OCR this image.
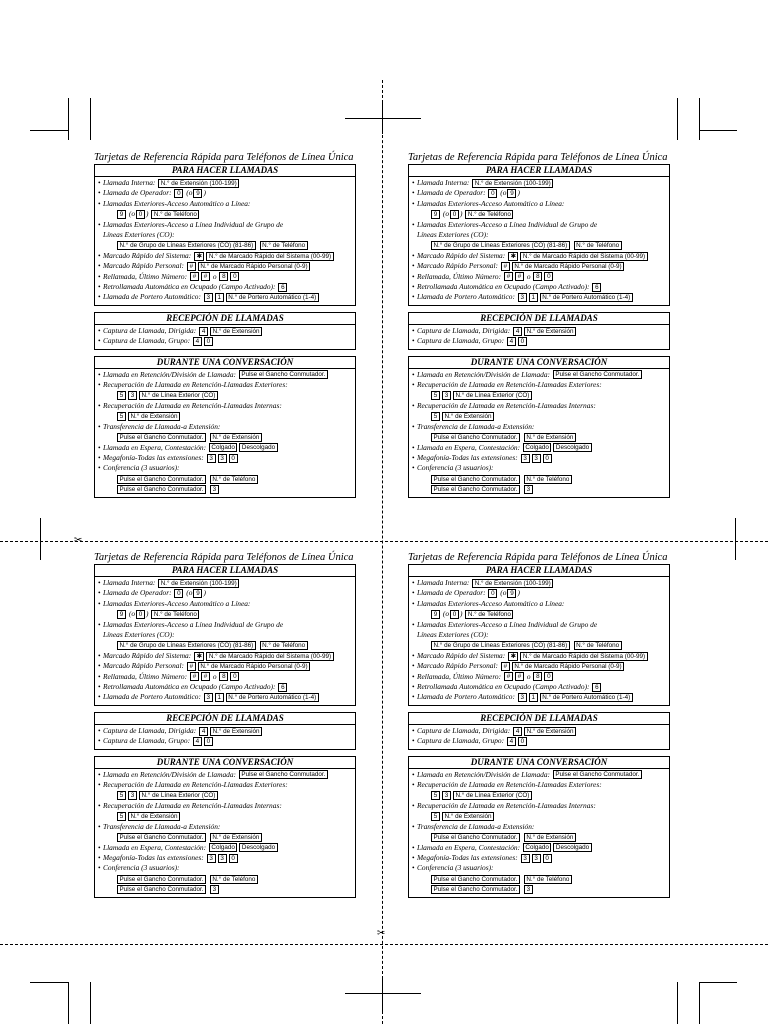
✂
✂
Tarjetas de Referencia Rápida para Teléfonos de Línea Única
PARA HACER LLAMADAS
• Llamada Interna: N.° de Extensión (100-199)
• Llamada de Operador: 0 (o 9 )
• Llamadas Exteriores-Acceso Automático a Línea:
9 (o 0 ) N.° de Teléfono
• Llamadas Exteriores-Acceso a Línea Individual de Grupo de
Líneas Exteriores (CO):
N.° de Grupo de Líneas Exteriores (CO) (81-86) N.° de Teléfono
• Marcado Rápido del Sistema: ✱ N.° de Marcado Rápido del Sistema (00-99)
• Marcado Rápido Personal: # N.° de Marcado Rápido Personal (0-9)
• Rellamada, Último Número: # # o 8 0
• Retrollamada Automática en Ocupado (Campo Activado): 6
• Llamada de Portero Automático: 3 1 N.° de Portero Automático (1-4)
RECEPCIÓN DE LLAMADAS
• Captura de Llamada, Dirigida: 4 N.° de Extensión
• Captura de Llamada, Grupo: 4 0
DURANTE UNA CONVERSACIÓN
• Llamada en Retención/División de Llamada: Pulse el Gancho Conmutador.
• Recuperación de Llamada en Retención-Llamadas Exteriores:
5 3 N.° de Línea Exterior (CO)
• Recuperación de Llamada en Retención-Llamadas Internas:
5 N.° de Extensión
• Transferencia de Llamada-a Extensión:
Pulse el Gancho Conmutador. N.° de Extensión
• Llamada en Espera, Contestación: Colgado Descolgado
• Megafonía-Todas las extensiones: 3 3 0
• Conferencia (3 usuarios):
Pulse el Gancho Conmutador. N.° de Teléfono
Pulse el Gancho Conmutador. 3
Tarjetas de Referencia Rápida para Teléfonos de Línea Única
PARA HACER LLAMADAS
• Llamada Interna: N.° de Extensión (100-199)
• Llamada de Operador: 0 (o 9 )
• Llamadas Exteriores-Acceso Automático a Línea:
9 (o 0 ) N.° de Teléfono
• Llamadas Exteriores-Acceso a Línea Individual de Grupo de
Líneas Exteriores (CO):
N.° de Grupo de Líneas Exteriores (CO) (81-86) N.° de Teléfono
• Marcado Rápido del Sistema: ✱ N.° de Marcado Rápido del Sistema (00-99)
• Marcado Rápido Personal: # N.° de Marcado Rápido Personal (0-9)
• Rellamada, Último Número: # # o 8 0
• Retrollamada Automática en Ocupado (Campo Activado): 6
• Llamada de Portero Automático: 3 1 N.° de Portero Automático (1-4)
RECEPCIÓN DE LLAMADAS
• Captura de Llamada, Dirigida: 4 N.° de Extensión
• Captura de Llamada, Grupo: 4 0
DURANTE UNA CONVERSACIÓN
• Llamada en Retención/División de Llamada: Pulse el Gancho Conmutador.
• Recuperación de Llamada en Retención-Llamadas Exteriores:
5 3 N.° de Línea Exterior (CO)
• Recuperación de Llamada en Retención-Llamadas Internas:
5 N.° de Extensión
• Transferencia de Llamada-a Extensión:
Pulse el Gancho Conmutador. N.° de Extensión
• Llamada en Espera, Contestación: Colgado Descolgado
• Megafonía-Todas las extensiones: 3 3 0
• Conferencia (3 usuarios):
Pulse el Gancho Conmutador. N.° de Teléfono
Pulse el Gancho Conmutador. 3
Tarjetas de Referencia Rápida para Teléfonos de Línea Única
PARA HACER LLAMADAS
• Llamada Interna: N.° de Extensión (100-199)
• Llamada de Operador: 0 (o 9 )
• Llamadas Exteriores-Acceso Automático a Línea:
9 (o 0 ) N.° de Teléfono
• Llamadas Exteriores-Acceso a Línea Individual de Grupo de
Líneas Exteriores (CO):
N.° de Grupo de Líneas Exteriores (CO) (81-86) N.° de Teléfono
• Marcado Rápido del Sistema: ✱ N.° de Marcado Rápido del Sistema (00-99)
• Marcado Rápido Personal: # N.° de Marcado Rápido Personal (0-9)
• Rellamada, Último Número: # # o 8 0
• Retrollamada Automática en Ocupado (Campo Activado): 6
• Llamada de Portero Automático: 3 1 N.° de Portero Automático (1-4)
RECEPCIÓN DE LLAMADAS
• Captura de Llamada, Dirigida: 4 N.° de Extensión
• Captura de Llamada, Grupo: 4 0
DURANTE UNA CONVERSACIÓN
• Llamada en Retención/División de Llamada: Pulse el Gancho Conmutador.
• Recuperación de Llamada en Retención-Llamadas Exteriores:
5 3 N.° de Línea Exterior (CO)
• Recuperación de Llamada en Retención-Llamadas Internas:
5 N.° de Extensión
• Transferencia de Llamada-a Extensión:
Pulse el Gancho Conmutador. N.° de Extensión
• Llamada en Espera, Contestación: Colgado Descolgado
• Megafonía-Todas las extensiones: 3 3 0
• Conferencia (3 usuarios):
Pulse el Gancho Conmutador. N.° de Teléfono
Pulse el Gancho Conmutador. 3
Tarjetas de Referencia Rápida para Teléfonos de Línea Única
PARA HACER LLAMADAS
• Llamada Interna: N.° de Extensión (100-199)
• Llamada de Operador: 0 (o 9 )
• Llamadas Exteriores-Acceso Automático a Línea:
9 (o 0 ) N.° de Teléfono
• Llamadas Exteriores-Acceso a Línea Individual de Grupo de
Líneas Exteriores (CO):
N.° de Grupo de Líneas Exteriores (CO) (81-86) N.° de Teléfono
• Marcado Rápido del Sistema: ✱ N.° de Marcado Rápido del Sistema (00-99)
• Marcado Rápido Personal: # N.° de Marcado Rápido Personal (0-9)
• Rellamada, Último Número: # # o 8 0
• Retrollamada Automática en Ocupado (Campo Activado): 6
• Llamada de Portero Automático: 3 1 N.° de Portero Automático (1-4)
RECEPCIÓN DE LLAMADAS
• Captura de Llamada, Dirigida: 4 N.° de Extensión
• Captura de Llamada, Grupo: 4 0
DURANTE UNA CONVERSACIÓN
• Llamada en Retención/División de Llamada: Pulse el Gancho Conmutador.
• Recuperación de Llamada en Retención-Llamadas Exteriores:
5 3 N.° de Línea Exterior (CO)
• Recuperación de Llamada en Retención-Llamadas Internas:
5 N.° de Extensión
• Transferencia de Llamada-a Extensión:
Pulse el Gancho Conmutador. N.° de Extensión
• Llamada en Espera, Contestación: Colgado Descolgado
• Megafonía-Todas las extensiones: 3 3 0
• Conferencia (3 usuarios):
Pulse el Gancho Conmutador. N.° de Teléfono
Pulse el Gancho Conmutador. 3
